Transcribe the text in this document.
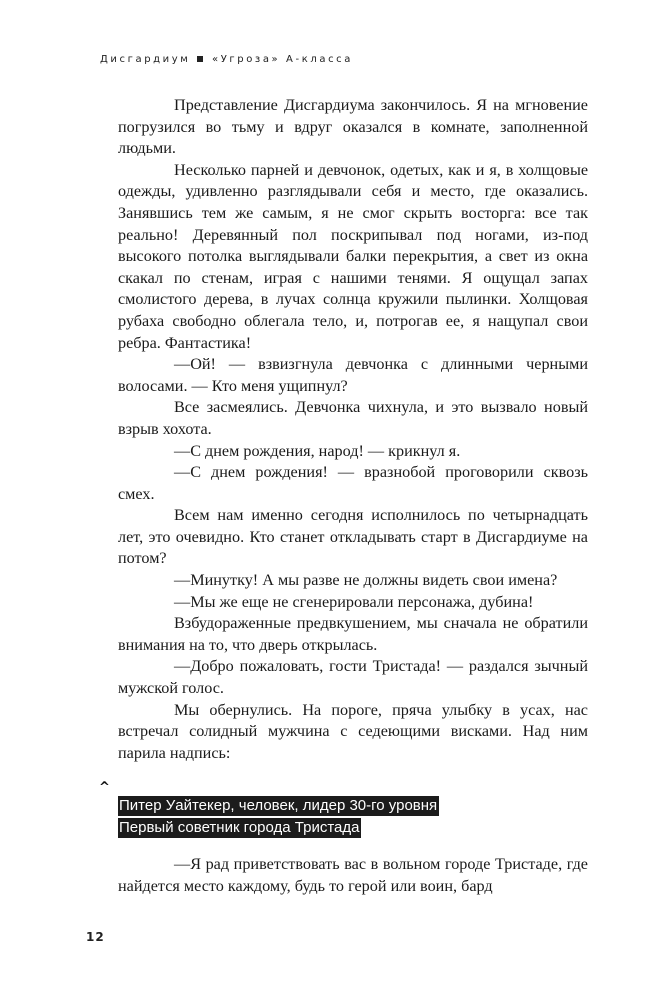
Дисгардиум «Угроза» А-класса

Представление Дисгардиума закончилось. Я на мгновение погрузился во тьму и вдруг оказался в комнате, заполненной людьми.

Несколько парней и девчонок, одетых, как и я, в холщовые одежды, удивленно разглядывали себя и место, где оказались. Занявшись тем же самым, я не смог скрыть восторга: все так реально! Деревянный пол поскрипывал под ногами, из-под высокого потолка выглядывали балки перекрытия, а свет из окна скакал по стенам, играя с нашими тенями. Я ощущал запах смолистого дерева, в лучах солнца кружили пылинки. Холщовая рубаха свободно облегала тело, и, потрогав ее, я нащупал свои ребра. Фантастика!

—Ой! — взвизгнула девчонка с длинными черными волосами. — Кто меня ущипнул?

Все засмеялись. Девчонка чихнула, и это вызвало новый взрыв хохота.

—С днем рождения, народ! — крикнул я.

—С днем рождения! — вразнобой проговорили сквозь смех.

Всем нам именно сегодня исполнилось по четырнадцать лет, это очевидно. Кто станет откладывать старт в Дисгардиуме на потом?

—Минутку! А мы разве не должны видеть свои имена?

—Мы же еще не сгенерировали персонажа, дубина!

Взбудораженные предвкушением, мы сначала не обратили внимания на то, что дверь открылась.

—Добро пожаловать, гости Тристада! — раздался зычный мужской голос.

Мы обернулись. На пороге, пряча улыбку в усах, нас встречал солидный мужчина с седеющими висками. Над ним парила надпись:

^
Питер Уайтекер, человек, лидер 30-го уровня
Первый советник города Тристада

—Я рад приветствовать вас в вольном городе Тристаде, где найдется место каждому, будь то герой или воин, бард

12
